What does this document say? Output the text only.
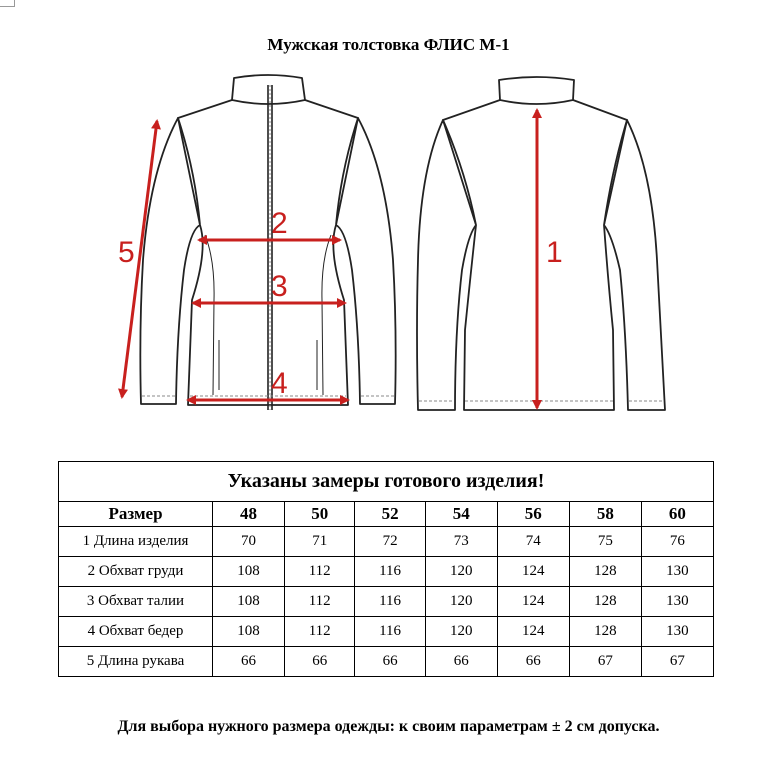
Мужская толстовка ФЛИС М-1
5
2
3
4
1
Указаны замеры готового изделия!							
Размер	48	50	52	54	56	58	60
1 Длина изделия	70	71	72	73	74	75	76
2 Обхват груди	108	112	116	120	124	128	130
3 Обхват талии	108	112	116	120	124	128	130
4 Обхват бедер	108	112	116	120	124	128	130
5 Длина рукава	66	66	66	66	66	67	67
Для выбора нужного размера одежды: к своим параметрам ± 2 см допуска.
